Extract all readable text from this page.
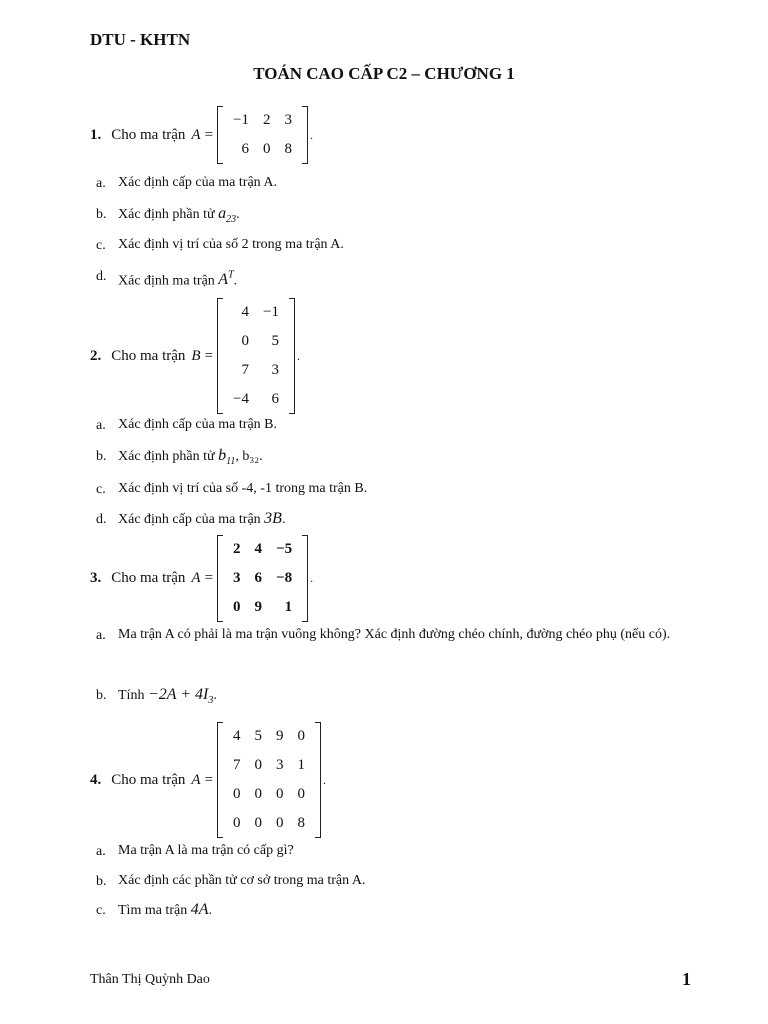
DTU - KHTN
TOÁN CAO CẤP C2 – CHƯƠNG 1
1. Cho ma trận A =
−1	2	3
6	0	8
.
a. Xác định cấp của ma trận A.
b. Xác định phần tử $a_{23}$.
c. Xác định vị trí của số 2 trong ma trận A.
d. Xác định ma trận $A^T$.
2. Cho ma trận B =
4	−1
0	5
7	3
−4	6
.
a. Xác định cấp của ma trận B.
b. Xác định phần tử $b_{11}$, b₃₂.
c. Xác định vị trí của số -4, -1 trong ma trận B.
d. Xác định cấp của ma trận 3B.
3. Cho ma trận A =
2	4	−5
3	6	−8
0	9	1
.
a. Ma trận A có phải là ma trận vuông không? Xác định đường chéo chính, đường chéo phụ (nếu có).
b. Tính $-2A + 4I_3$.
4. Cho ma trận A =
4	5	9	0
7	0	3	1
0	0	0	0
0	0	0	8
.
a. Ma trận A là ma trận có cấp gì?
b. Xác định các phần tử cơ sở trong ma trận A.
c. Tìm ma trận 4A.
Thân Thị Quỳnh Dao	1
